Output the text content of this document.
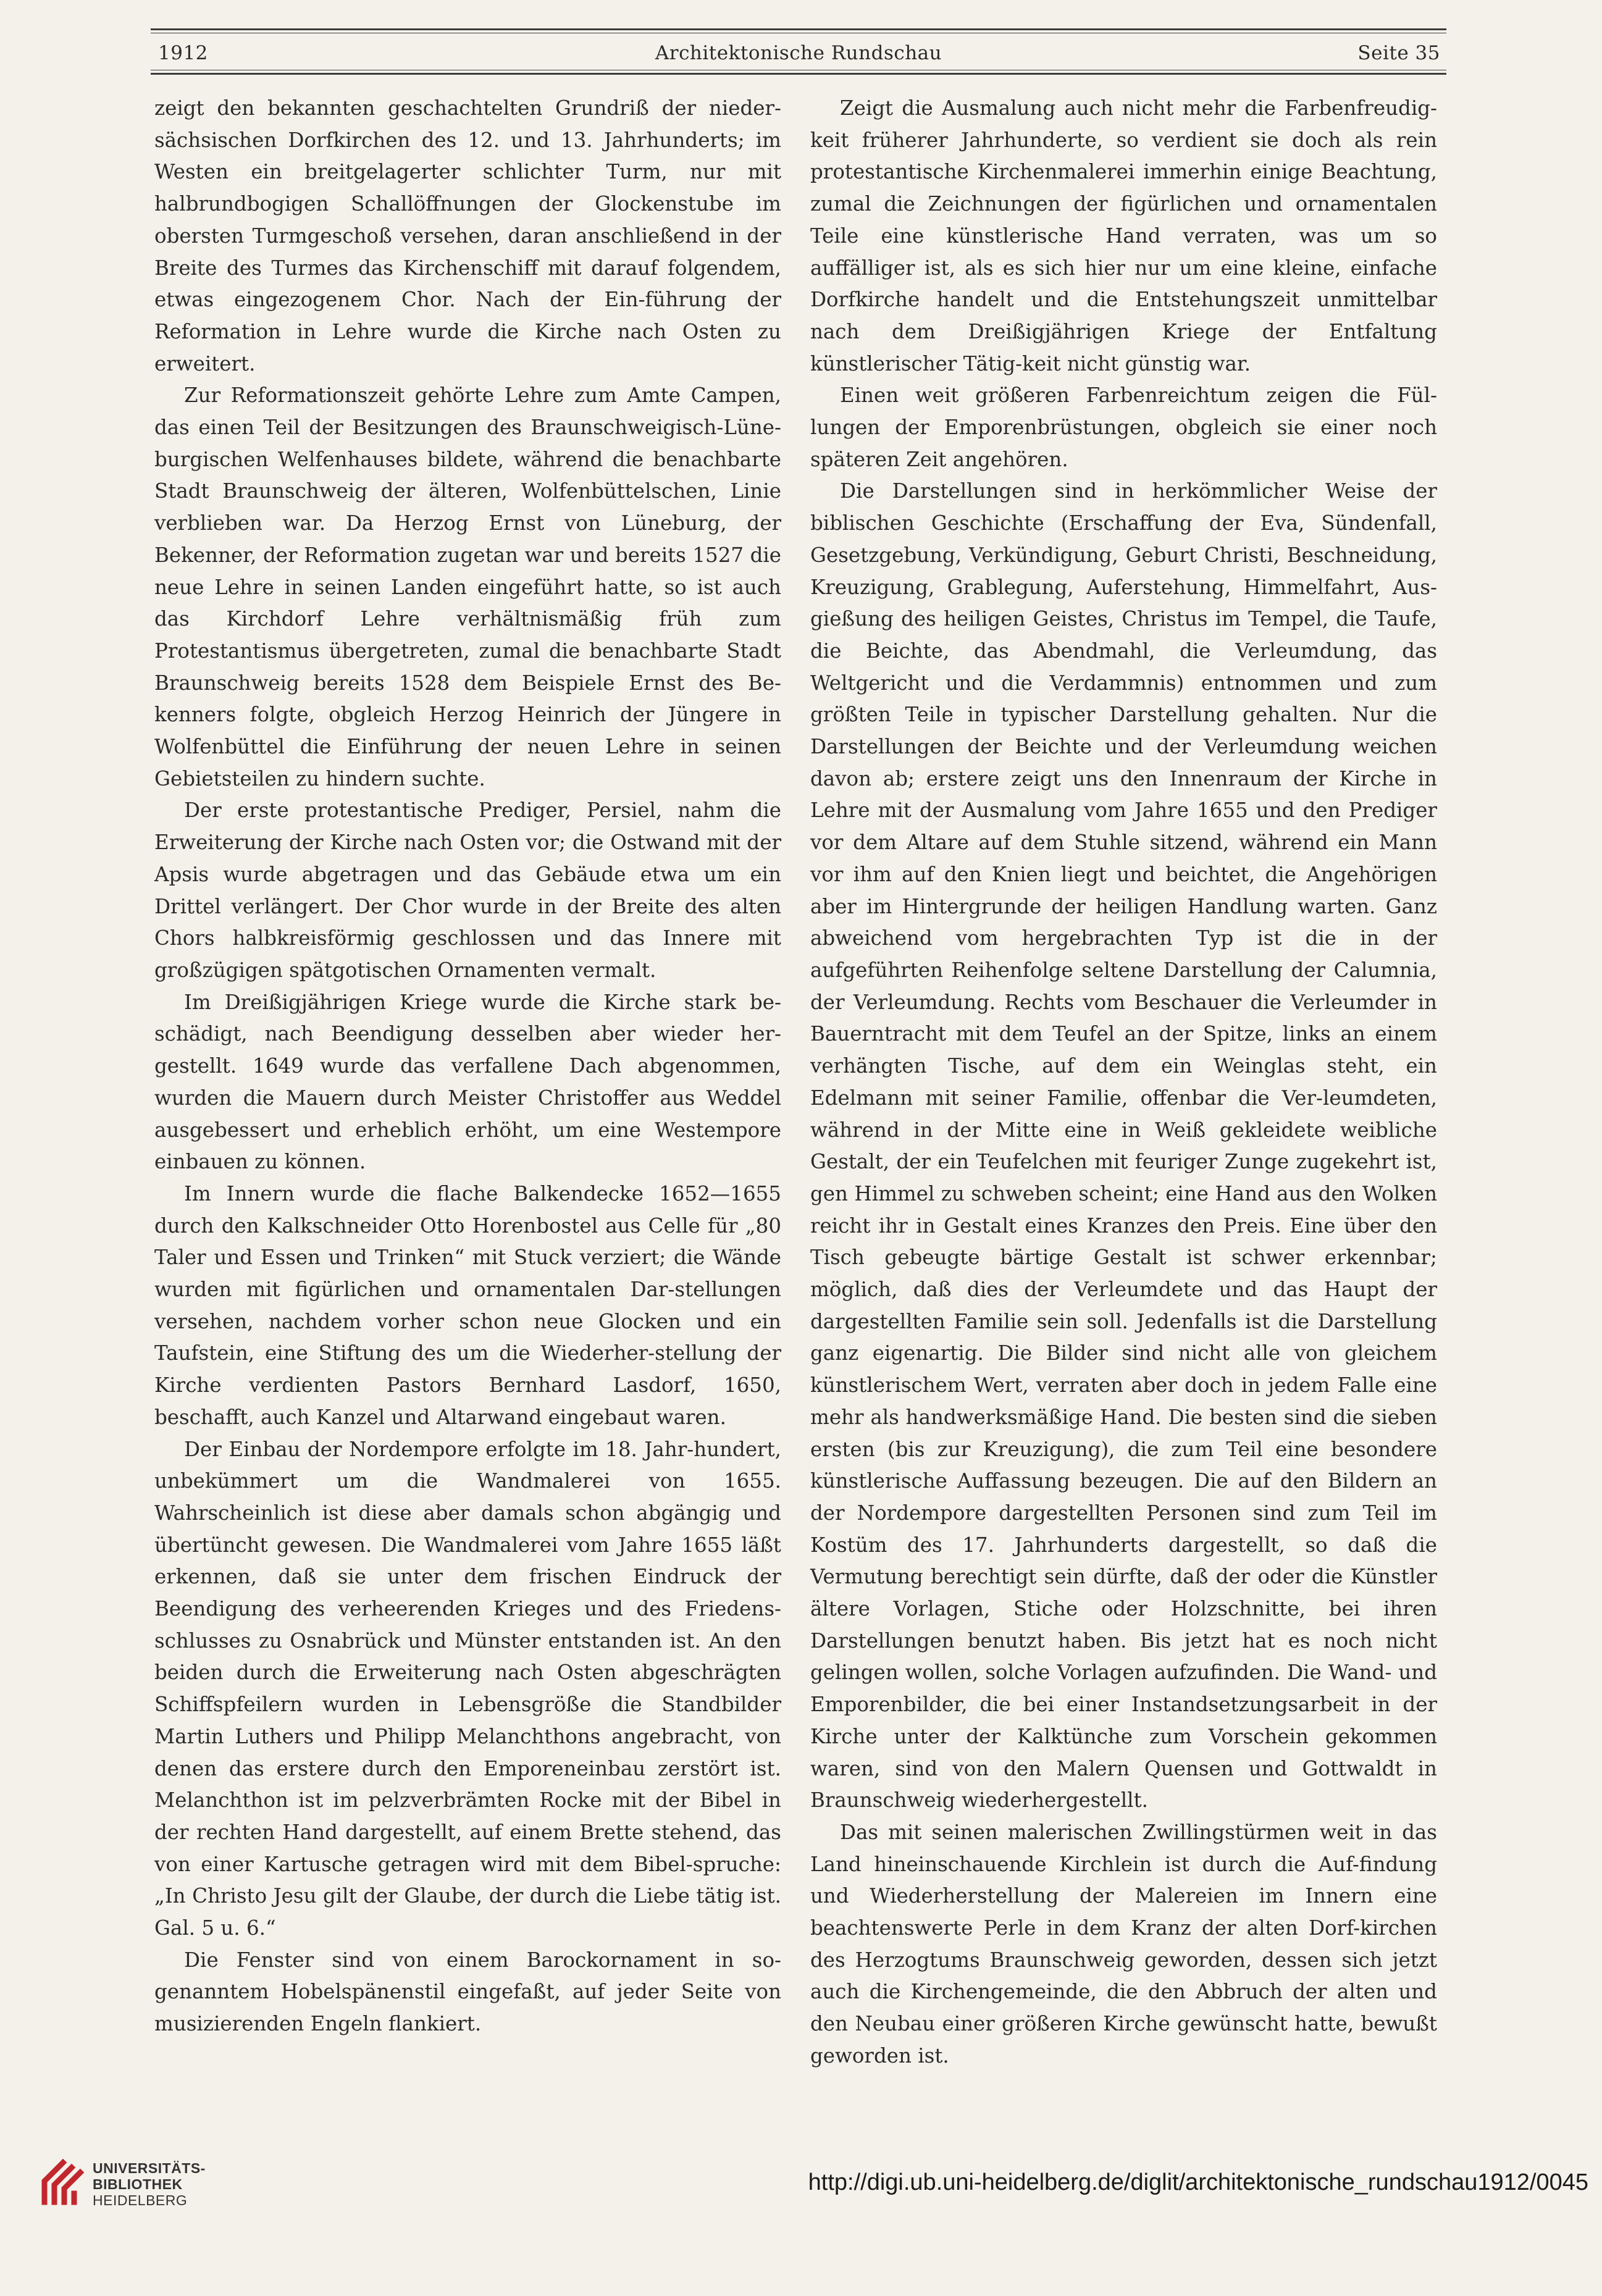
1912	Architektonische Rundschau	Seite 35

zeigt den bekannten geschachtelten Grundriß der nieder-sächsischen Dorfkirchen des 12. und 13. Jahrhunderts; im Westen ein breitgelagerter schlichter Turm, nur mit halbrundbogigen Schallöffnungen der Glockenstube im obersten Turmgeschoß versehen, daran anschließend in der Breite des Turmes das Kirchenschiff mit darauf folgendem, etwas eingezogenem Chor. Nach der Ein-führung der Reformation in Lehre wurde die Kirche nach Osten zu erweitert.

Zur Reformationszeit gehörte Lehre zum Amte Campen, das einen Teil der Besitzungen des Braunschweigisch-Lüne-burgischen Welfenhauses bildete, während die benachbarte Stadt Braunschweig der älteren, Wolfenbüttelschen, Linie verblieben war. Da Herzog Ernst von Lüneburg, der Bekenner, der Reformation zugetan war und bereits 1527 die neue Lehre in seinen Landen eingeführt hatte, so ist auch das Kirchdorf Lehre verhältnismäßig früh zum Protestantismus übergetreten, zumal die benachbarte Stadt Braunschweig bereits 1528 dem Beispiele Ernst des Be-kenners folgte, obgleich Herzog Heinrich der Jüngere in Wolfenbüttel die Einführung der neuen Lehre in seinen Gebietsteilen zu hindern suchte.

Der erste protestantische Prediger, Persiel, nahm die Erweiterung der Kirche nach Osten vor; die Ostwand mit der Apsis wurde abgetragen und das Gebäude etwa um ein Drittel verlängert. Der Chor wurde in der Breite des alten Chors halbkreisförmig geschlossen und das Innere mit großzügigen spätgotischen Ornamenten vermalt.

Im Dreißigjährigen Kriege wurde die Kirche stark be-schädigt, nach Beendigung desselben aber wieder her-gestellt. 1649 wurde das verfallene Dach abgenommen, wurden die Mauern durch Meister Christoffer aus Weddel ausgebessert und erheblich erhöht, um eine Westempore einbauen zu können.

Im Innern wurde die flache Balkendecke 1652—1655 durch den Kalkschneider Otto Horenbostel aus Celle für „80 Taler und Essen und Trinken“ mit Stuck verziert; die Wände wurden mit figürlichen und ornamentalen Dar-stellungen versehen, nachdem vorher schon neue Glocken und ein Taufstein, eine Stiftung des um die Wiederher-stellung der Kirche verdienten Pastors Bernhard Lasdorf, 1650, beschafft, auch Kanzel und Altarwand eingebaut waren.

Der Einbau der Nordempore erfolgte im 18. Jahr-hundert, unbekümmert um die Wandmalerei von 1655. Wahrscheinlich ist diese aber damals schon abgängig und übertüncht gewesen. Die Wandmalerei vom Jahre 1655 läßt erkennen, daß sie unter dem frischen Eindruck der Beendigung des verheerenden Krieges und des Friedens-schlusses zu Osnabrück und Münster entstanden ist. An den beiden durch die Erweiterung nach Osten abgeschrägten Schiffspfeilern wurden in Lebensgröße die Standbilder Martin Luthers und Philipp Melanchthons angebracht, von denen das erstere durch den Emporeneinbau zerstört ist. Melanchthon ist im pelzverbrämten Rocke mit der Bibel in der rechten Hand dargestellt, auf einem Brette stehend, das von einer Kartusche getragen wird mit dem Bibel-spruche: „In Christo Jesu gilt der Glaube, der durch die Liebe tätig ist. Gal. 5 u. 6.“

Die Fenster sind von einem Barockornament in so-genanntem Hobelspänenstil eingefaßt, auf jeder Seite von musizierenden Engeln flankiert.

Zeigt die Ausmalung auch nicht mehr die Farbenfreudig-keit früherer Jahrhunderte, so verdient sie doch als rein protestantische Kirchenmalerei immerhin einige Beachtung, zumal die Zeichnungen der figürlichen und ornamentalen Teile eine künstlerische Hand verraten, was um so auffälliger ist, als es sich hier nur um eine kleine, einfache Dorfkirche handelt und die Entstehungszeit unmittelbar nach dem Dreißigjährigen Kriege der Entfaltung künstlerischer Tätig-keit nicht günstig war.

Einen weit größeren Farbenreichtum zeigen die Fül-lungen der Emporenbrüstungen, obgleich sie einer noch späteren Zeit angehören.

Die Darstellungen sind in herkömmlicher Weise der biblischen Geschichte (Erschaffung der Eva, Sündenfall, Gesetzgebung, Verkündigung, Geburt Christi, Beschneidung, Kreuzigung, Grablegung, Auferstehung, Himmelfahrt, Aus-gießung des heiligen Geistes, Christus im Tempel, die Taufe, die Beichte, das Abendmahl, die Verleumdung, das Weltgericht und die Verdammnis) entnommen und zum größten Teile in typischer Darstellung gehalten. Nur die Darstellungen der Beichte und der Verleumdung weichen davon ab; erstere zeigt uns den Innenraum der Kirche in Lehre mit der Ausmalung vom Jahre 1655 und den Prediger vor dem Altare auf dem Stuhle sitzend, während ein Mann vor ihm auf den Knien liegt und beichtet, die Angehörigen aber im Hintergrunde der heiligen Handlung warten. Ganz abweichend vom hergebrachten Typ ist die in der aufgeführten Reihenfolge seltene Darstellung der Calumnia, der Verleumdung. Rechts vom Beschauer die Verleumder in Bauerntracht mit dem Teufel an der Spitze, links an einem verhängten Tische, auf dem ein Weinglas steht, ein Edelmann mit seiner Familie, offenbar die Ver-leumdeten, während in der Mitte eine in Weiß gekleidete weibliche Gestalt, der ein Teufelchen mit feuriger Zunge zugekehrt ist, gen Himmel zu schweben scheint; eine Hand aus den Wolken reicht ihr in Gestalt eines Kranzes den Preis. Eine über den Tisch gebeugte bärtige Gestalt ist schwer erkennbar; möglich, daß dies der Verleumdete und das Haupt der dargestellten Familie sein soll. Jedenfalls ist die Darstellung ganz eigenartig. Die Bilder sind nicht alle von gleichem künstlerischem Wert, verraten aber doch in jedem Falle eine mehr als handwerksmäßige Hand. Die besten sind die sieben ersten (bis zur Kreuzigung), die zum Teil eine besondere künstlerische Auffassung bezeugen. Die auf den Bildern an der Nordempore dargestellten Personen sind zum Teil im Kostüm des 17. Jahrhunderts dargestellt, so daß die Vermutung berechtigt sein dürfte, daß der oder die Künstler ältere Vorlagen, Stiche oder Holzschnitte, bei ihren Darstellungen benutzt haben. Bis jetzt hat es noch nicht gelingen wollen, solche Vorlagen aufzufinden. Die Wand- und Emporenbilder, die bei einer Instandsetzungsarbeit in der Kirche unter der Kalktünche zum Vorschein gekommen waren, sind von den Malern Quensen und Gottwaldt in Braunschweig wiederhergestellt.

Das mit seinen malerischen Zwillingstürmen weit in das Land hineinschauende Kirchlein ist durch die Auf-findung und Wiederherstellung der Malereien im Innern eine beachtenswerte Perle in dem Kranz der alten Dorf-kirchen des Herzogtums Braunschweig geworden, dessen sich jetzt auch die Kirchengemeinde, die den Abbruch der alten und den Neubau einer größeren Kirche gewünscht hatte, bewußt geworden ist.

UNIVERSITÄTS-
BIBLIOTHEK
HEIDELBERG
http://digi.ub.uni-heidelberg.de/diglit/architektonische_rundschau1912/0045
